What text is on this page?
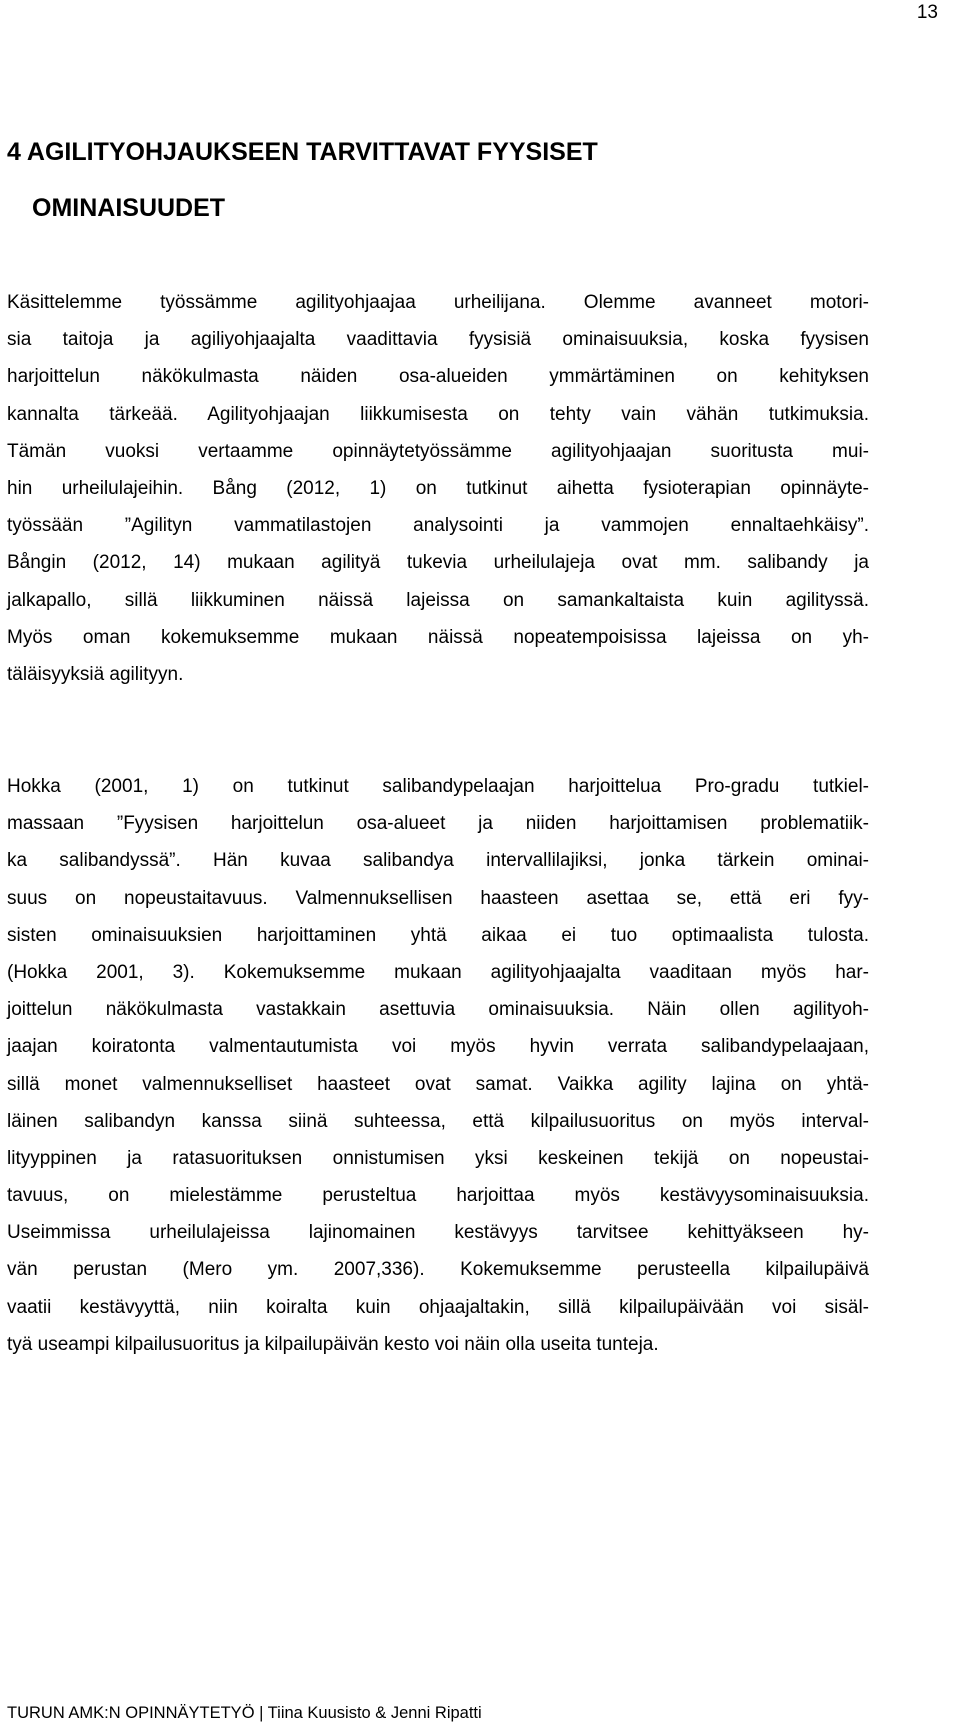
13
4 AGILITYOHJAUKSEEN TARVITTAVAT FYYSISET
OMINAISUUDET
Käsittelemme työssämme agilityohjaajaa urheilijana. Olemme avanneet motori-
sia taitoja ja agiliyohjaajalta vaadittavia fyysisiä ominaisuuksia, koska fyysisen
harjoittelun näkökulmasta näiden osa-alueiden ymmärtäminen on kehityksen
kannalta tärkeää. Agilityohjaajan liikkumisesta on tehty vain vähän tutkimuksia.
Tämän vuoksi vertaamme opinnäytetyössämme agilityohjaajan suoritusta mui-
hin urheilulajeihin. Bång (2012, 1) on tutkinut aihetta fysioterapian opinnäyte-
työssään ”Agilityn vammatilastojen analysointi ja vammojen ennaltaehkäisy”.
Bångin (2012, 14) mukaan agilityä tukevia urheilulajeja ovat mm. salibandy ja
jalkapallo, sillä liikkuminen näissä lajeissa on samankaltaista kuin agilityssä.
Myös oman kokemuksemme mukaan näissä nopeatempoisissa lajeissa on yh-
täläisyyksiä agilityyn.
Hokka (2001, 1) on tutkinut salibandypelaajan harjoittelua Pro-gradu tutkiel-
massaan ”Fyysisen harjoittelun osa-alueet ja niiden harjoittamisen problematiik-
ka salibandyssä”. Hän kuvaa salibandya intervallilajiksi, jonka tärkein ominai-
suus on nopeustaitavuus. Valmennuksellisen haasteen asettaa se, että eri fyy-
sisten ominaisuuksien harjoittaminen yhtä aikaa ei tuo optimaalista tulosta.
(Hokka 2001, 3). Kokemuksemme mukaan agilityohjaajalta vaaditaan myös har-
joittelun näkökulmasta vastakkain asettuvia ominaisuuksia. Näin ollen agilityoh-
jaajan koiratonta valmentautumista voi myös hyvin verrata salibandypelaajaan,
sillä monet valmennukselliset haasteet ovat samat. Vaikka agility lajina on yhtä-
läinen salibandyn kanssa siinä suhteessa, että kilpailusuoritus on myös interval-
lityyppinen ja ratasuorituksen onnistumisen yksi keskeinen tekijä on nopeustai-
tavuus, on mielestämme perusteltua harjoittaa myös kestävyysominaisuuksia.
Useimmissa urheilulajeissa lajinomainen kestävyys tarvitsee kehittyäkseen hy-
vän perustan (Mero ym. 2007,336). Kokemuksemme perusteella kilpailupäivä
vaatii kestävyyttä, niin koiralta kuin ohjaajaltakin, sillä kilpailupäivään voi sisäl-
tyä useampi kilpailusuoritus ja kilpailupäivän kesto voi näin olla useita tunteja.
TURUN AMK:N OPINNÄYTETYÖ | Tiina Kuusisto & Jenni Ripatti
